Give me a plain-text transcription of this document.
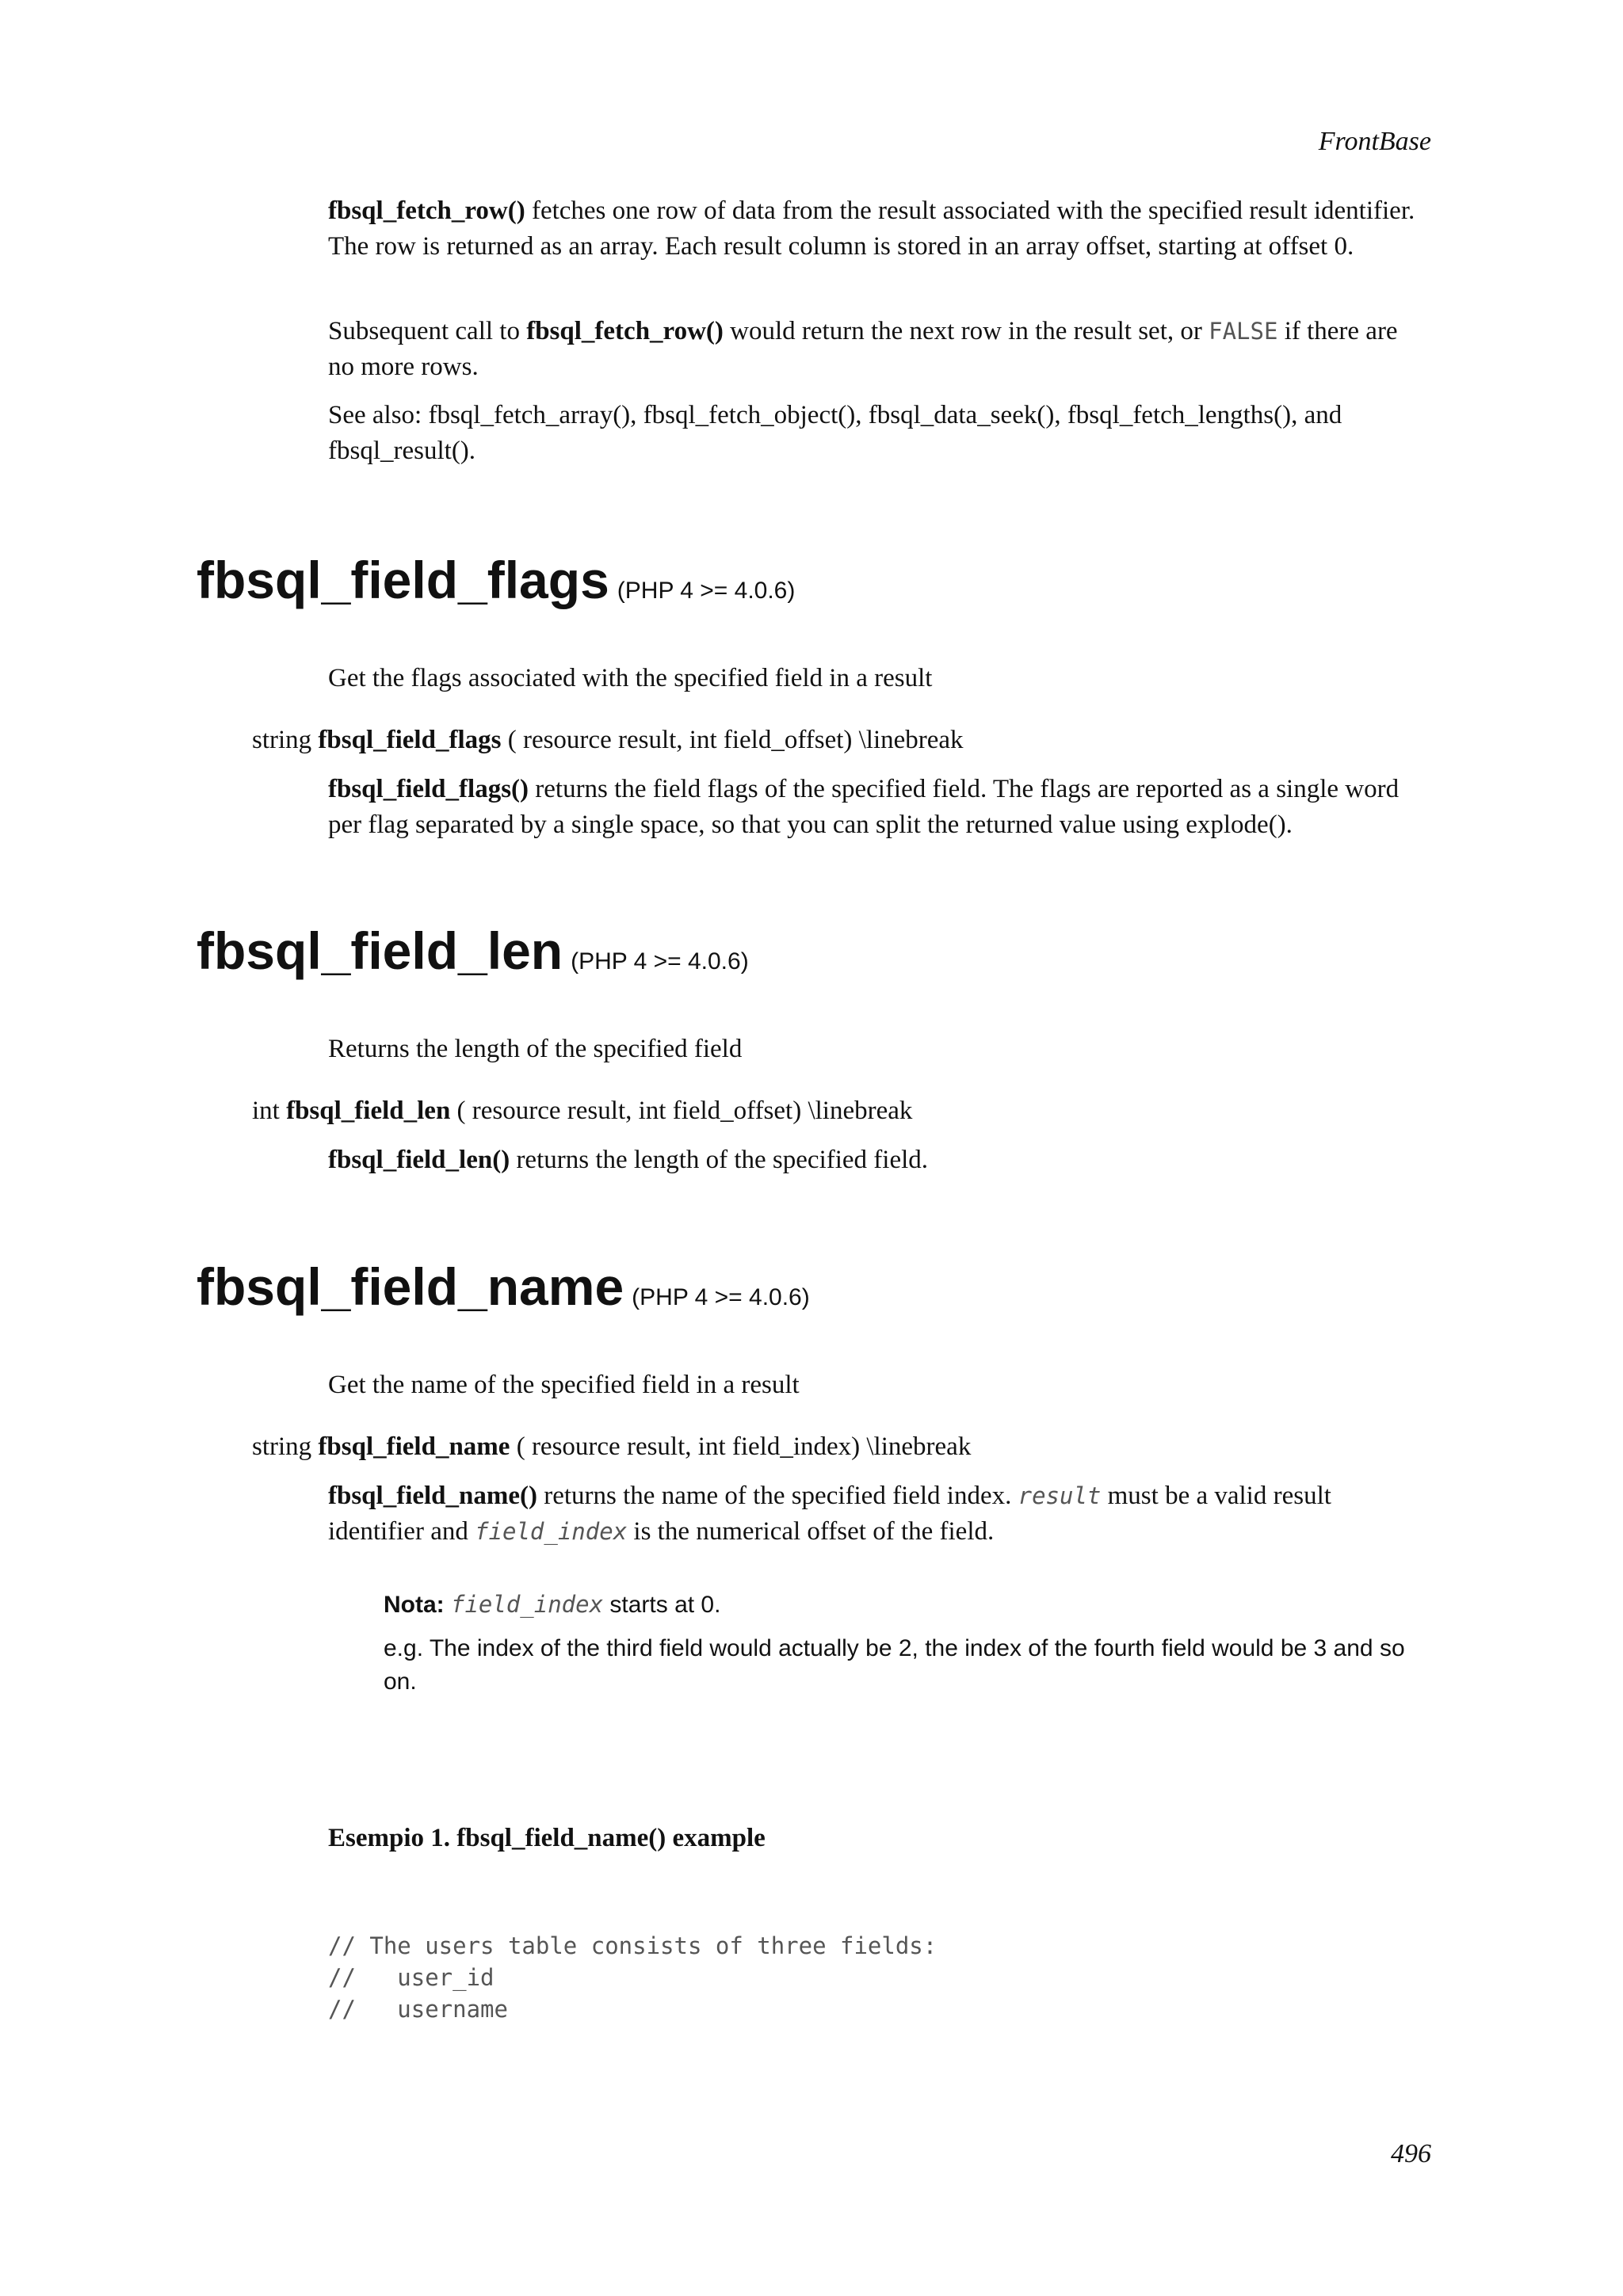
FrontBase

fbsql_fetch_row() fetches one row of data from the result associated with the specified result identifier. The row is returned as an array. Each result column is stored in an array offset, starting at offset 0.

Subsequent call to fbsql_fetch_row() would return the next row in the result set, or FALSE if there are no more rows.

See also: fbsql_fetch_array(), fbsql_fetch_object(), fbsql_data_seek(), fbsql_fetch_lengths(), and fbsql_result().

fbsql_field_flags (PHP 4 >= 4.0.6)

Get the flags associated with the specified field in a result

string fbsql_field_flags ( resource result, int field_offset) \linebreak

fbsql_field_flags() returns the field flags of the specified field. The flags are reported as a single word per flag separated by a single space, so that you can split the returned value using explode().

fbsql_field_len (PHP 4 >= 4.0.6)

Returns the length of the specified field

int fbsql_field_len ( resource result, int field_offset) \linebreak

fbsql_field_len() returns the length of the specified field.

fbsql_field_name (PHP 4 >= 4.0.6)

Get the name of the specified field in a result

string fbsql_field_name ( resource result, int field_index) \linebreak

fbsql_field_name() returns the name of the specified field index. result must be a valid result identifier and field_index is the numerical offset of the field.

Nota: field_index starts at 0.

e.g. The index of the third field would actually be 2, the index of the fourth field would be 3 and so on.

Esempio 1. fbsql_field_name() example

// The users table consists of three fields:
//   user_id
//   username
496
